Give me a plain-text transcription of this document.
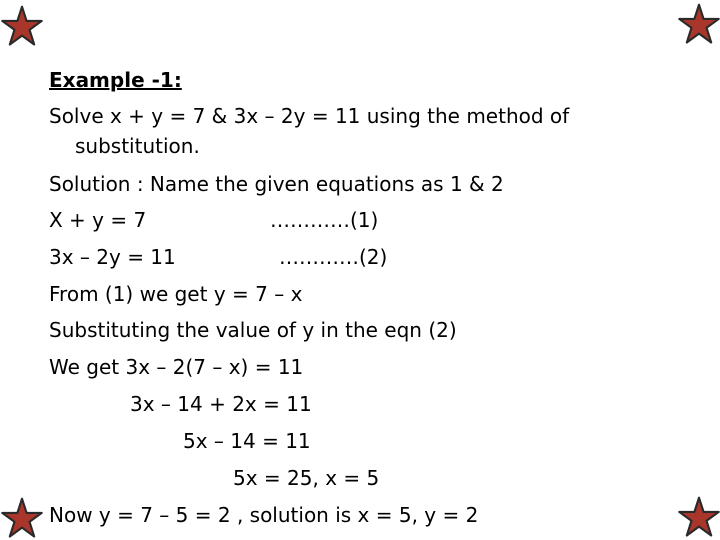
Example -1:
Solve x + y = 7 & 3x – 2y = 11 using the method of
substitution.
Solution : Name the given equations as 1 & 2
X + y = 7	…………(1)
3x – 2y = 11	…………(2)
From (1) we get y = 7 – x
Substituting the value of y in the eqn (2)
We get 3x – 2(7 – x) = 11
3x – 14 + 2x = 11
5x – 14 = 11
5x = 25, x = 5
Now y = 7 – 5 = 2 , solution is x = 5, y = 2
